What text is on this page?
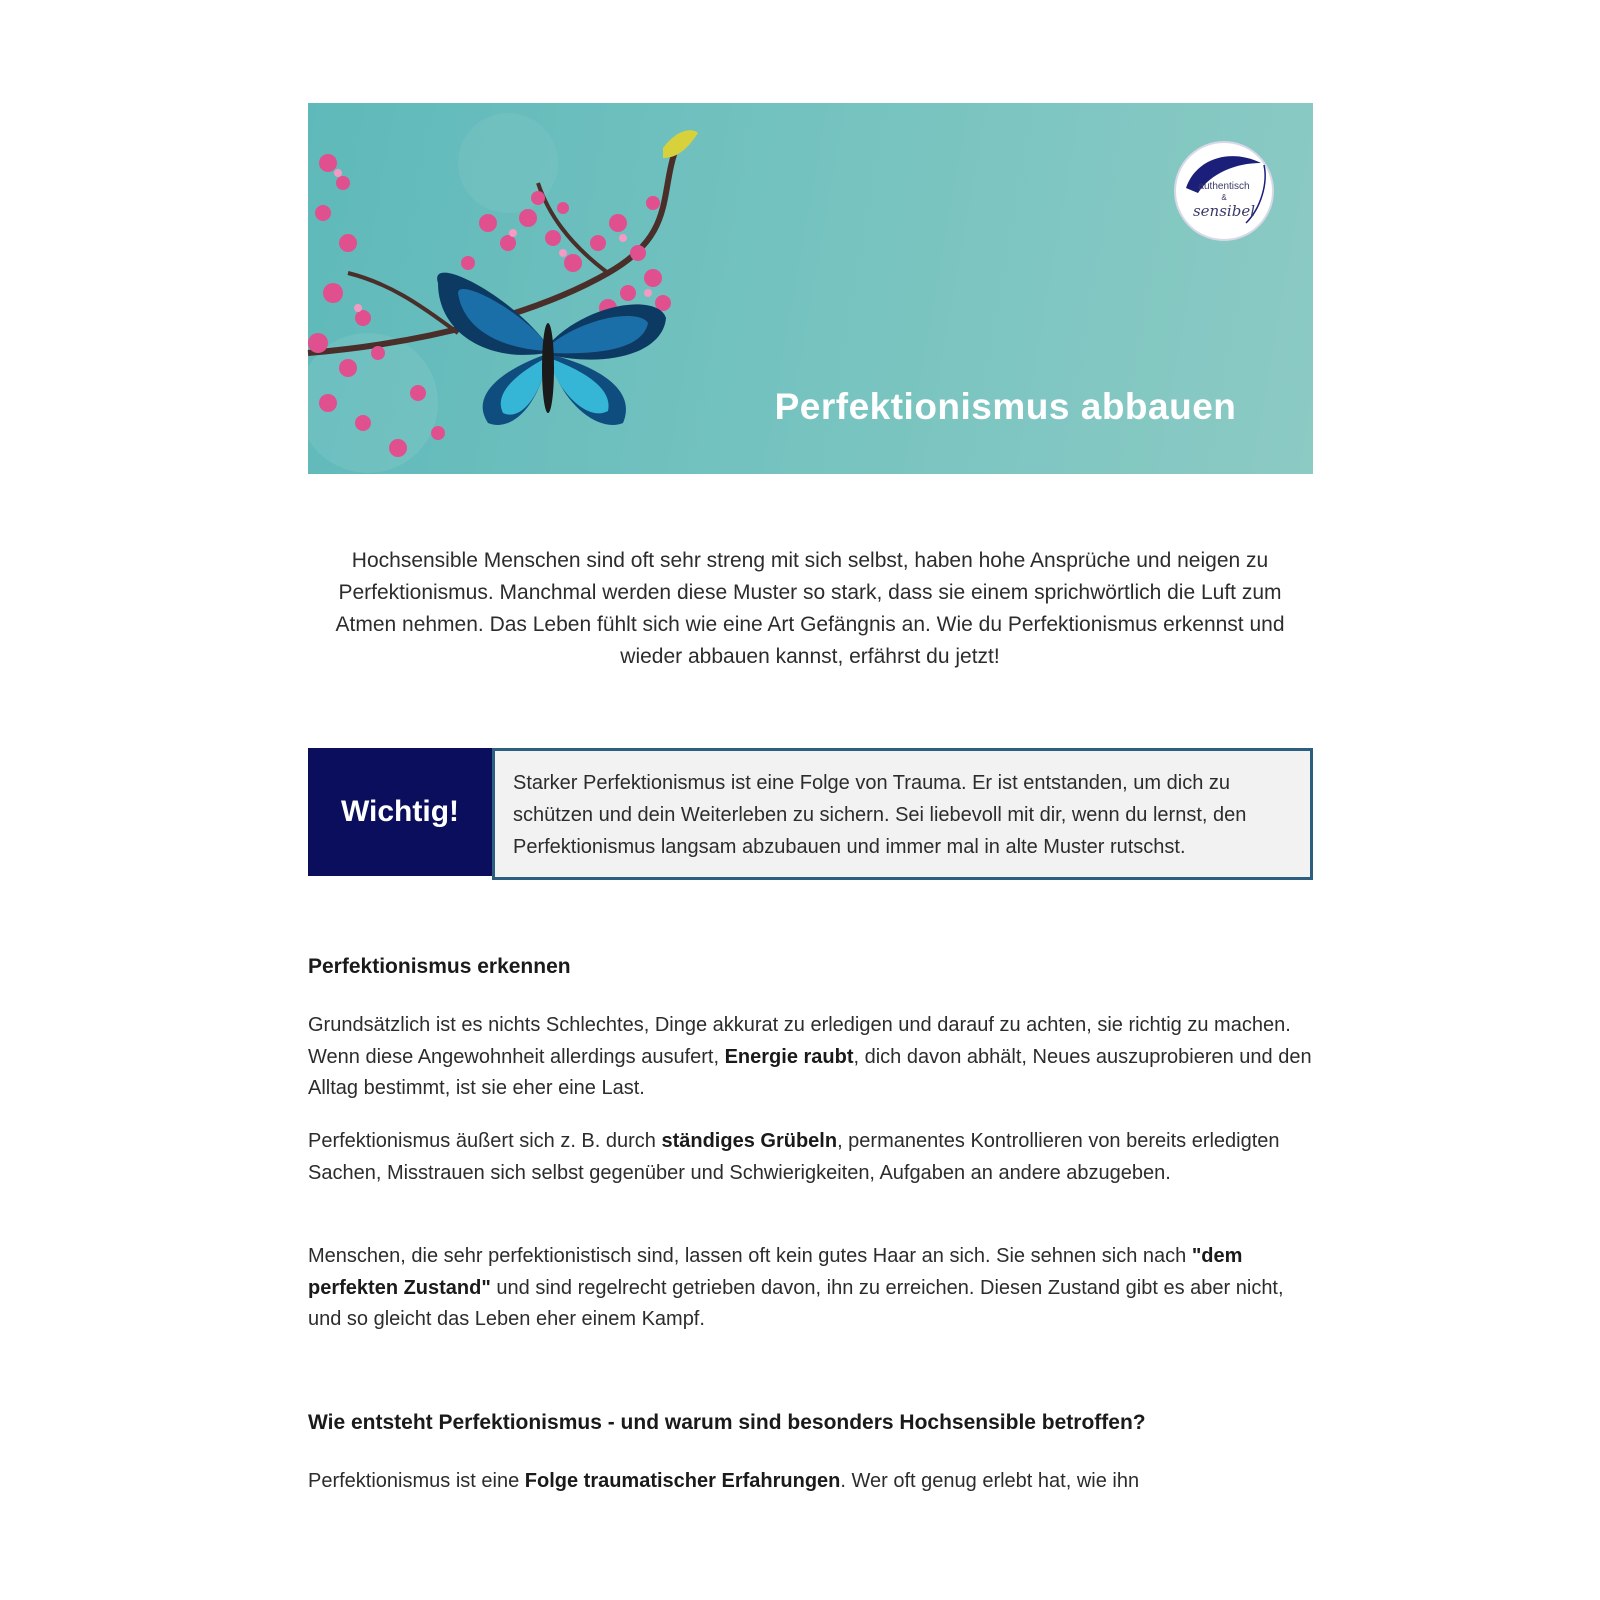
authentisch
&
sensibel
Perfektionismus abbauen
So besänftigst du den inneren Kritiker!
Hochsensible Menschen sind oft sehr streng mit sich selbst, haben hohe Ansprüche und neigen zu Perfektionismus. Manchmal werden diese Muster so stark, dass sie einem sprichwörtlich die Luft zum Atmen nehmen. Das Leben fühlt sich wie eine Art Gefängnis an. Wie du Perfektionismus erkennst und wieder abbauen kannst, erfährst du jetzt!
Wichtig!
Starker Perfektionismus ist eine Folge von Trauma. Er ist entstanden, um dich zu schützen und dein Weiterleben zu sichern. Sei liebevoll mit dir, wenn du lernst, den Perfektionismus langsam abzubauen und immer mal in alte Muster rutschst.
Perfektionismus erkennen
Grundsätzlich ist es nichts Schlechtes, Dinge akkurat zu erledigen und darauf zu achten, sie richtig zu machen. Wenn diese Angewohnheit allerdings ausufert, Energie raubt, dich davon abhält, Neues auszuprobieren und den Alltag bestimmt, ist sie eher eine Last.
Perfektionismus äußert sich z. B. durch ständiges Grübeln, permanentes Kontrollieren von bereits erledigten Sachen, Misstrauen sich selbst gegenüber und Schwierigkeiten, Aufgaben an andere abzugeben.
Menschen, die sehr perfektionistisch sind, lassen oft kein gutes Haar an sich. Sie sehnen sich nach "dem perfekten Zustand" und sind regelrecht getrieben davon, ihn zu erreichen. Diesen Zustand gibt es aber nicht, und so gleicht das Leben eher einem Kampf.
Wie entsteht Perfektionismus - und warum sind besonders Hochsensible betroffen?
Perfektionismus ist eine Folge traumatischer Erfahrungen. Wer oft genug erlebt hat, wie ihn
